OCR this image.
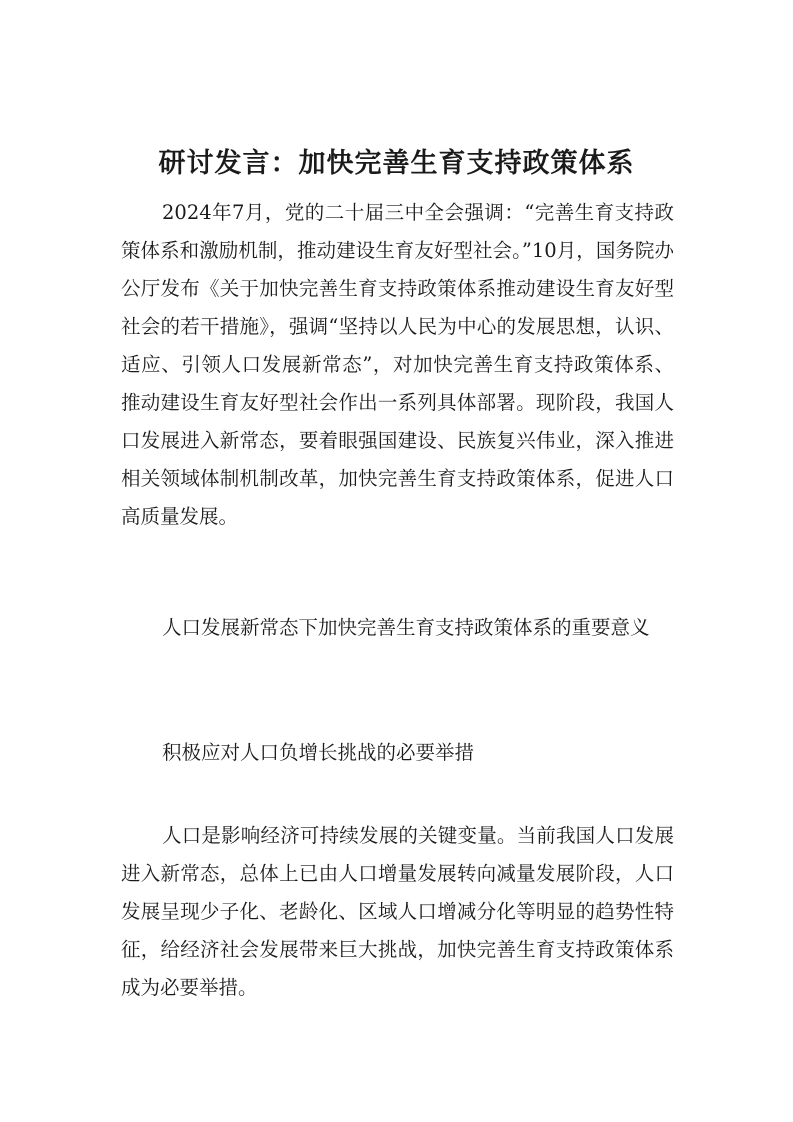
研讨发言：加快完善生育支持政策体系

2024年7月，党的二十届三中全会强调：“完善生育支持政策体系和激励机制，推动建设生育友好型社会。”10月，国务院办公厅发布《关于加快完善生育支持政策体系推动建设生育友好型社会的若干措施》，强调“坚持以人民为中心的发展思想，认识、适应、引领人口发展新常态”，对加快完善生育支持政策体系、推动建设生育友好型社会作出一系列具体部署。现阶段，我国人口发展进入新常态，要着眼强国建设、民族复兴伟业，深入推进相关领域体制机制改革，加快完善生育支持政策体系，促进人口高质量发展。

人口发展新常态下加快完善生育支持政策体系的重要意义

积极应对人口负增长挑战的必要举措

人口是影响经济可持续发展的关键变量。当前我国人口发展进入新常态，总体上已由人口增量发展转向减量发展阶段，人口发展呈现少子化、老龄化、区域人口增减分化等明显的趋势性特征，给经济社会发展带来巨大挑战，加快完善生育支持政策体系成为必要举措。
